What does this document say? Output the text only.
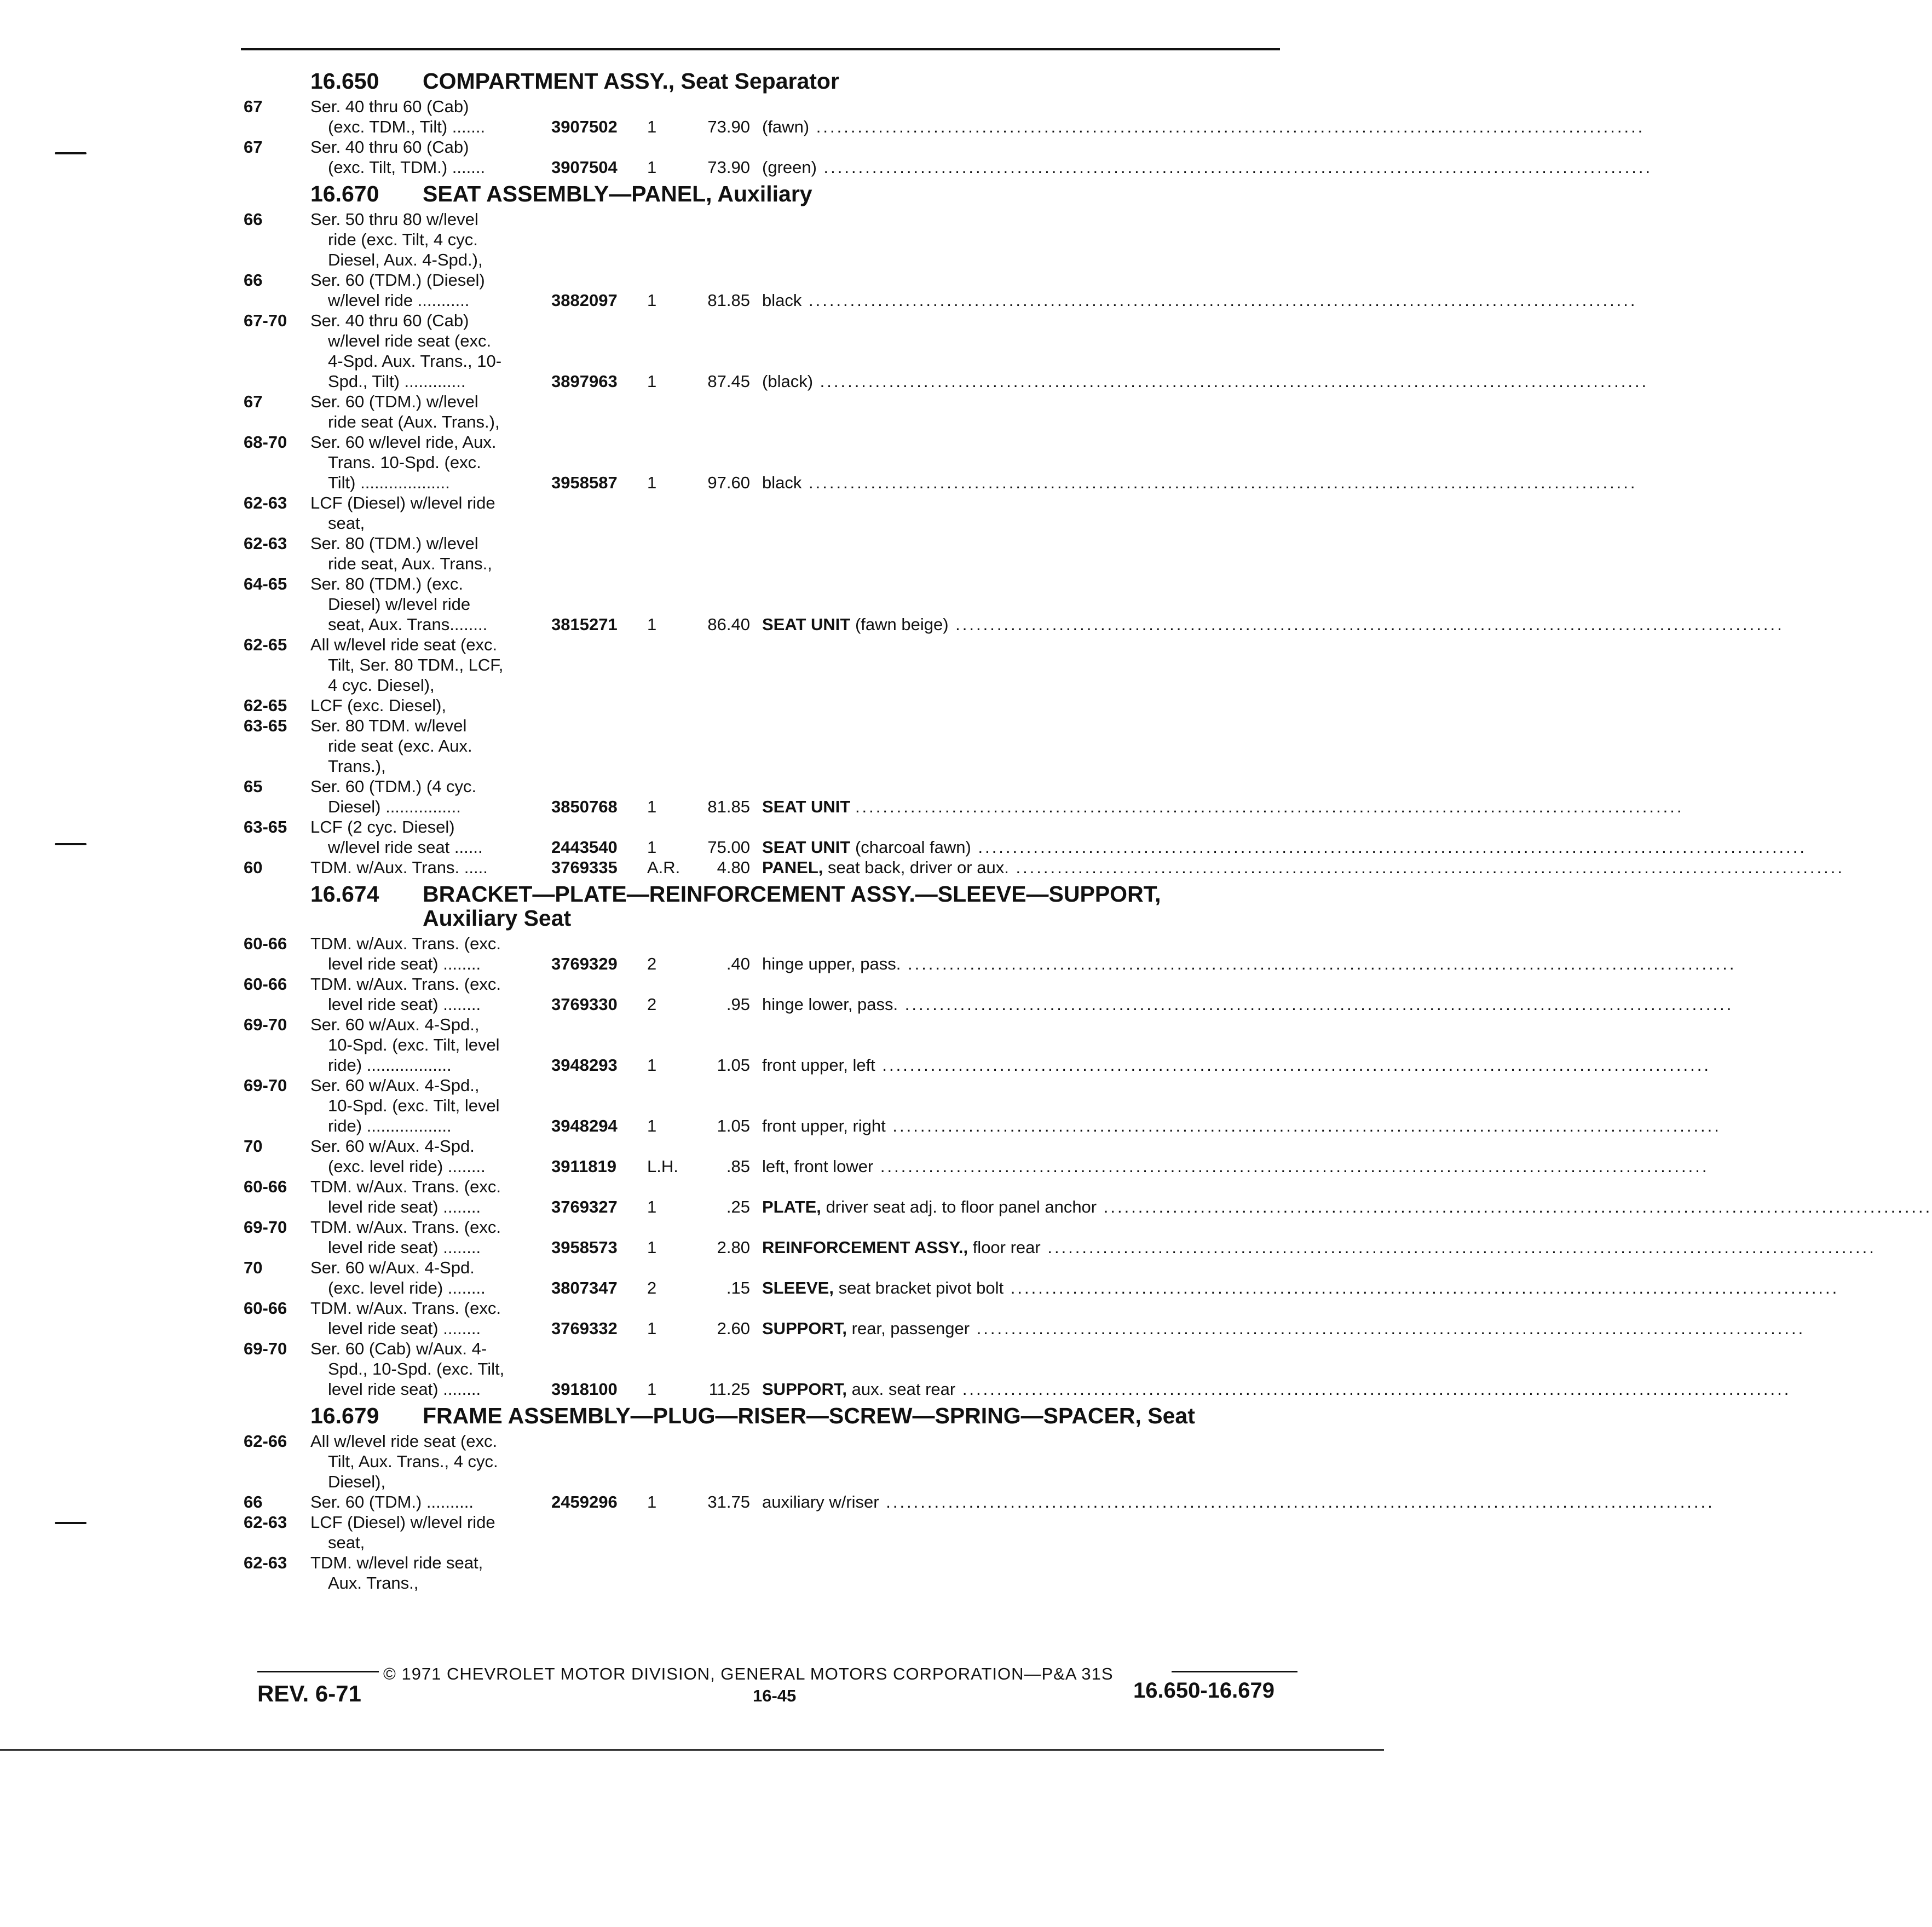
16.650	COMPARTMENT ASSY., Seat Separator
67	Ser. 40 thru 60 (Cab)
(exc. TDM., Tilt) .......	3907502	1	73.90 (fawn) ........................................................................................................................
67	Ser. 40 thru 60 (Cab)
(exc. Tilt, TDM.) .......	3907504	1	73.90 (green) ........................................................................................................................
16.670	SEAT ASSEMBLY—PANEL, Auxiliary
66	Ser. 50 thru 80 w/level
ride (exc. Tilt, 4 cyc.
Diesel, Aux. 4-Spd.),
66	Ser. 60 (TDM.) (Diesel)
w/level ride ...........	3882097	1	81.85 black ........................................................................................................................
67-70	Ser. 40 thru 60 (Cab)
w/level ride seat (exc.
4-Spd. Aux. Trans., 10-
Spd., Tilt) .............	3897963	1	87.45 (black) ........................................................................................................................
67	Ser. 60 (TDM.) w/level
ride seat (Aux. Trans.),
68-70	Ser. 60 w/level ride, Aux.
Trans. 10-Spd. (exc.
Tilt) ...................	3958587	1	97.60 black ........................................................................................................................
62-63	LCF (Diesel) w/level ride
seat,
62-63	Ser. 80 (TDM.) w/level
ride seat, Aux. Trans.,
64-65	Ser. 80 (TDM.) (exc.
Diesel) w/level ride
seat, Aux. Trans........	3815271	1	86.40 SEAT UNIT (fawn beige) ........................................................................................................................
62-65	All w/level ride seat (exc.
Tilt, Ser. 80 TDM., LCF,
4 cyc. Diesel),
62-65	LCF (exc. Diesel),
63-65	Ser. 80 TDM. w/level
ride seat (exc. Aux.
Trans.),
65	Ser. 60 (TDM.) (4 cyc.
Diesel) ................	3850768	1	81.85 SEAT UNIT ........................................................................................................................
63-65	LCF (2 cyc. Diesel)
w/level ride seat ......	2443540	1	75.00 SEAT UNIT (charcoal fawn) ........................................................................................................................
60	TDM. w/Aux. Trans. .....	3769335	A.R.	4.80 PANEL, seat back, driver or aux. ........................................................................................................................
16.674	BRACKET—PLATE—REINFORCEMENT ASSY.—SLEEVE—SUPPORT,
Auxiliary Seat
60-66	TDM. w/Aux. Trans. (exc.
level ride seat) ........	3769329	2	.40 hinge upper, pass. ........................................................................................................................
60-66	TDM. w/Aux. Trans. (exc.
level ride seat) ........	3769330	2	.95 hinge lower, pass. ........................................................................................................................
69-70	Ser. 60 w/Aux. 4-Spd.,
10-Spd. (exc. Tilt, level
ride) ..................	3948293	1	1.05 front upper, left ........................................................................................................................
69-70	Ser. 60 w/Aux. 4-Spd.,
10-Spd. (exc. Tilt, level
ride) ..................	3948294	1	1.05 front upper, right ........................................................................................................................
70	Ser. 60 w/Aux. 4-Spd.
(exc. level ride) ........	3911819	L.H.	.85 left, front lower ........................................................................................................................
60-66	TDM. w/Aux. Trans. (exc.
level ride seat) ........	3769327	1	.25 PLATE, driver seat adj. to floor panel anchor ........................................................................................................................
69-70	TDM. w/Aux. Trans. (exc.
level ride seat) ........	3958573	1	2.80 REINFORCEMENT ASSY., floor rear ........................................................................................................................
70	Ser. 60 w/Aux. 4-Spd.
(exc. level ride) ........	3807347	2	.15 SLEEVE, seat bracket pivot bolt ........................................................................................................................
60-66	TDM. w/Aux. Trans. (exc.
level ride seat) ........	3769332	1	2.60 SUPPORT, rear, passenger ........................................................................................................................
69-70	Ser. 60 (Cab) w/Aux. 4-
Spd., 10-Spd. (exc. Tilt,
level ride seat) ........	3918100	1	11.25 SUPPORT, aux. seat rear ........................................................................................................................
16.679	FRAME ASSEMBLY—PLUG—RISER—SCREW—SPRING—SPACER, Seat
62-66	All w/level ride seat (exc.
Tilt, Aux. Trans., 4 cyc.
Diesel),
66	Ser. 60 (TDM.) ..........	2459296	1	31.75 auxiliary w/riser ........................................................................................................................
62-63	LCF (Diesel) w/level ride
seat,
62-63	TDM. w/level ride seat,
Aux. Trans.,
© 1971 CHEVROLET MOTOR DIVISION, GENERAL MOTORS CORPORATION—P&A 31S
REV. 6-71	16-45	16.650-16.679
